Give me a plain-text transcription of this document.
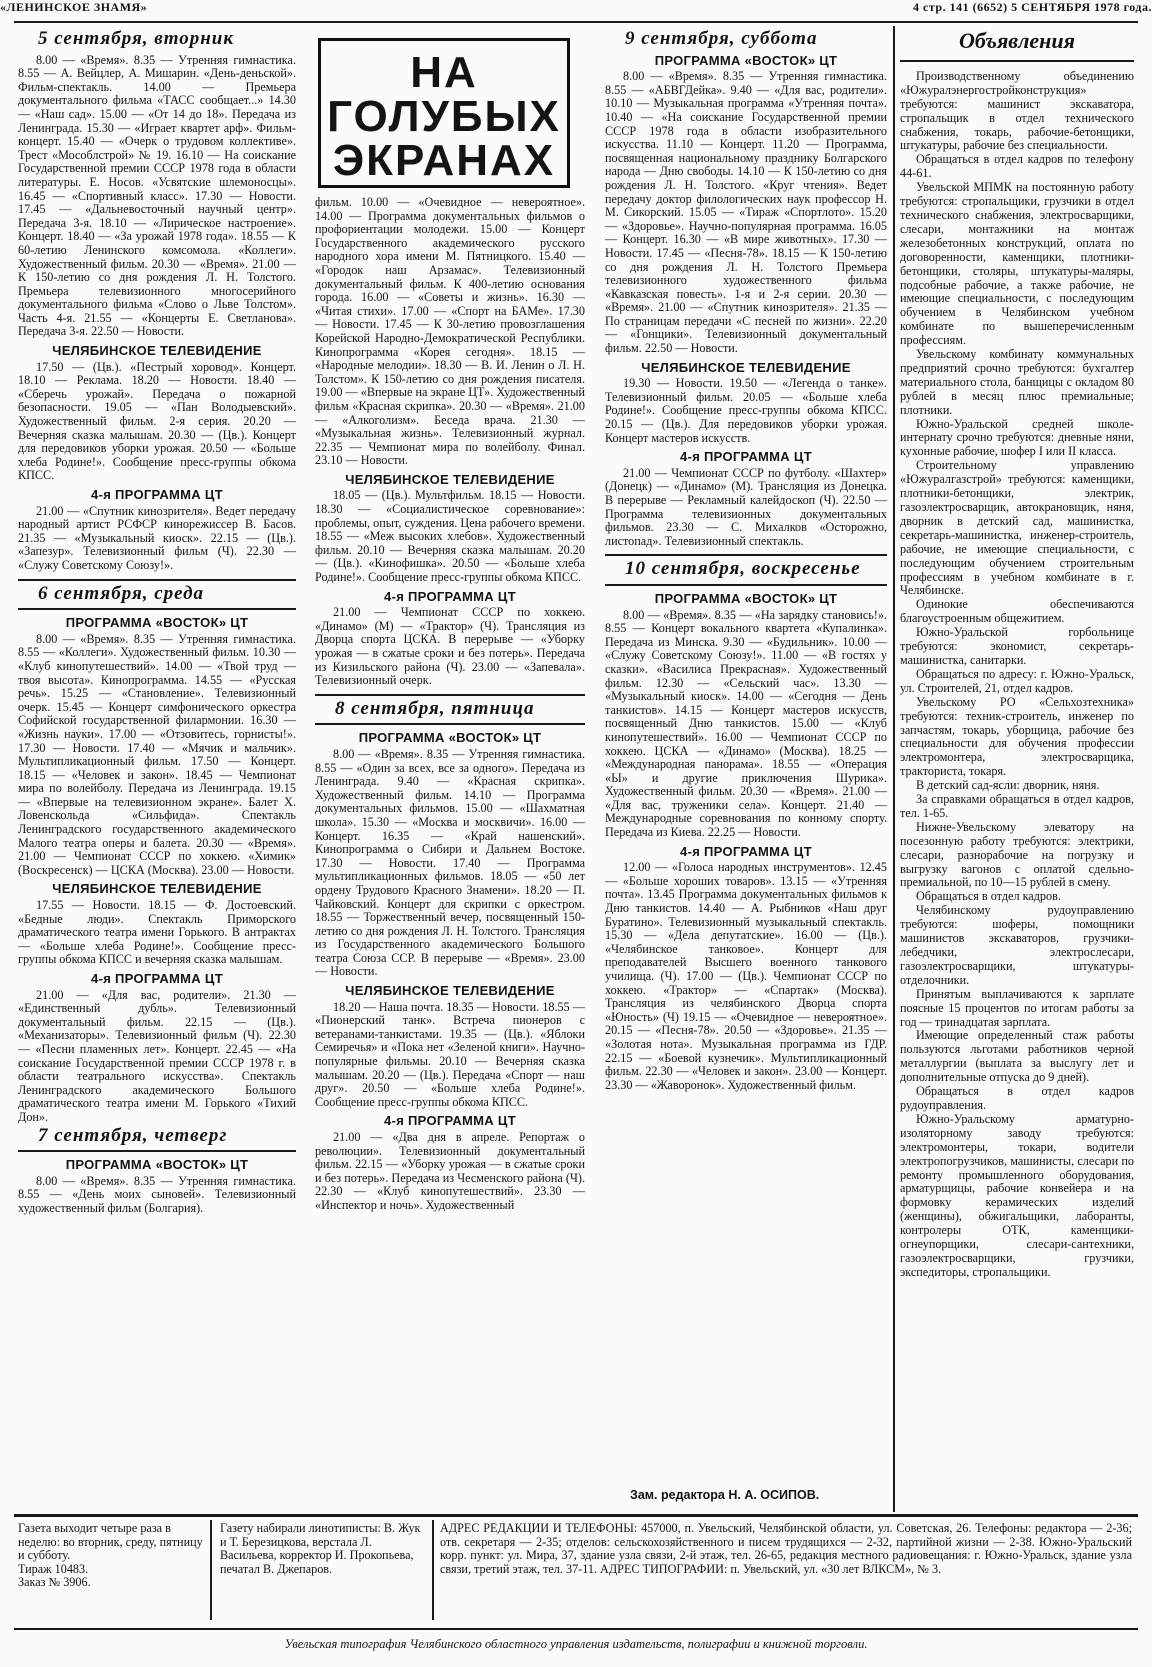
«ЛЕНИНСКОЕ ЗНАМЯ»	4 стр. 141 (6652) 5 СЕНТЯБРЯ 1978 года.
5 сентября, вторник

8.00 — «Время». 8.35 — Утренняя гимнастика. 8.55 — А. Вейцлер, А. Мишарин. «День-деньской». Фильм-спектакль. 14.00 — Премьера документального фильма «ТАСС сообщает...» 14.30 — «Наш сад». 15.00 — «От 14 до 18». Передача из Ленинграда. 15.30 — «Играет квартет арф». Фильм-концерт. 15.40 — «Очерк о трудовом коллективе». Трест «Мособлстрой» № 19. 16.10 — На соискание Государственной премии СССР 1978 года в области литературы. Е. Носов. «Усвятские шлемоносцы». 16.45 — «Спортивный класс». 17.30 — Новости. 17.45 — «Дальневосточный научный центр». Передача 3-я. 18.10 — «Лирическое настроение». Концерт. 18.40 — «За урожай 1978 года». 18.55 — К 60-летию Ленинского комсомола. «Коллеги». Художественный фильм. 20.30 — «Время». 21.00 — К 150-летию со дня рождения Л. Н. Толстого. Премьера телевизионного многосерийного документального фильма «Слово о Льве Толстом». Часть 4-я. 21.55 — «Концерты Е. Светланова». Передача 3-я. 22.50 — Новости.

ЧЕЛЯБИНСКОЕ ТЕЛЕВИДЕНИЕ

17.50 — (Цв.). «Пестрый хоровод». Концерт. 18.10 — Реклама. 18.20 — Новости. 18.40 — «Сберечь урожай». Передача о пожарной безопасности. 19.05 — «Пан Володыевский». Художественный фильм. 2-я серия. 20.20 — Вечерняя сказка малышам. 20.30 — (Цв.). Концерт для передовиков уборки урожая. 20.50 — «Больше хлеба Родине!». Сообщение пресс-группы обкома КПСС.

4-я ПРОГРАММА ЦТ

21.00 — «Спутник кинозрителя». Ведет передачу народный артист РСФСР кинорежиссер В. Басов. 21.35 — «Музыкальный киоск». 22.15 — (Цв.). «Запезур». Телевизионный фильм (Ч). 22.30 — «Служу Советскому Союзу!».

6 сентября, среда
ПРОГРАММА «ВОСТОК» ЦТ

8.00 — «Время». 8.35 — Утренняя гимнастика. 8.55 — «Коллеги». Художественный фильм. 10.30 — «Клуб кинопутешествий». 14.00 — «Твой труд — твоя высота». Кинопрограмма. 14.55 — «Русская речь». 15.25 — «Становление». Телевизионный очерк. 15.45 — Концерт симфонического оркестра Софийской государственной филармонии. 16.30 — «Жизнь науки». 17.00 — «Отзовитесь, горнисты!». 17.30 — Новости. 17.40 — «Мячик и мальчик». Мультипликационный фильм. 17.50 — Концерт. 18.15 — «Человек и закон». 18.45 — Чемпионат мира по волейболу. Передача из Ленинграда. 19.15 — «Впервые на телевизионном экране». Балет Х. Ловенскольда «Сильфида». Спектакль Ленинградского государственного академического Малого театра оперы и балета. 20.30 — «Время». 21.00 — Чемпионат СССР по хоккею. «Химик» (Воскресенск) — ЦСКА (Москва). 23.00 — Новости.

ЧЕЛЯБИНСКОЕ ТЕЛЕВИДЕНИЕ

17.55 — Новости. 18.15 — Ф. Достоевский. «Бедные люди». Спектакль Приморского драматического театра имени Горького. В антрактах — «Больше хлеба Родине!». Сообщение пресс-группы обкома КПСС и вечерняя сказка малышам.

4-я ПРОГРАММА ЦТ

21.00 — «Для вас, родители». 21.30 — «Единственный дубль». Телевизионный документальный фильм. 22.15 — (Цв.). «Механизаторы». Телевизионный фильм (Ч). 22.30 — «Песни пламенных лет». Концерт. 22.45 — «На соискание Государственной премии СССР 1978 г. в области театрального искусства». Спектакль Ленинградского академического Большого драматического театра имени М. Горького «Тихий Дон».

7 сентября, четверг
ПРОГРАММА «ВОСТОК» ЦТ

8.00 — «Время». 8.35 — Утренняя гимнастика. 8.55 — «День моих сыновей». Телевизионный художественный фильм (Болгария).

НА
ГОЛУБЫХ
ЭКРАНАХ

фильм. 10.00 — «Очевидное — невероятное». 14.00 — Программа документальных фильмов о профориентации молодежи. 15.00 — Концерт Государственного академического русского народного хора имени М. Пятницкого. 15.40 — «Городок наш Арзамас». Телевизионный документальный фильм. К 400-летию основания города. 16.00 — «Советы и жизнь». 16.30 — «Читая стихи». 17.00 — «Спорт на БАМе». 17.30 — Новости. 17.45 — К 30-летию провозглашения Корейской Народно-Демократической Республики. Кинопрограмма «Корея сегодня». 18.15 — «Народные мелодии». 18.30 — В. И. Ленин о Л. Н. Толстом». К 150-летию со дня рождения писателя. 19.00 — «Впервые на экране ЦТ». Художественный фильм «Красная скрипка». 20.30 — «Время». 21.00 — «Алкоголизм». Беседа врача. 21.30 — «Музыкальная жизнь». Телевизионный журнал. 22.35 — Чемпионат мира по волейболу. Финал. 23.10 — Новости.

ЧЕЛЯБИНСКОЕ ТЕЛЕВИДЕНИЕ

18.05 — (Цв.). Мультфильм. 18.15 — Новости. 18.30 — «Социалистическое соревнование»: проблемы, опыт, суждения. Цена рабочего времени. 18.55 — «Меж высоких хлебов». Художественный фильм. 20.10 — Вечерняя сказка малышам. 20.20 — (Цв.). «Кинофишка». 20.50 — «Больше хлеба Родине!». Сообщение пресс-группы обкома КПСС.

4-я ПРОГРАММА ЦТ

21.00 — Чемпионат СССР по хоккею. «Динамо» (М) — «Трактор» (Ч). Трансляция из Дворца спорта ЦСКА. В перерыве — «Уборку урожая — в сжатые сроки и без потерь». Передача из Кизильского района (Ч). 23.00 — «Запевала». Телевизионный очерк.

8 сентября, пятница
ПРОГРАММА «ВОСТОК» ЦТ

8.00 — «Время». 8.35 — Утренняя гимнастика. 8.55 — «Один за всех, все за одного». Передача из Ленинграда. 9.40 — «Красная скрипка». Художественный фильм. 14.10 — Программа документальных фильмов. 15.00 — «Шахматная школа». 15.30 — «Москва и москвичи». 16.00 — Концерт. 16.35 — «Край нашенский». Кинопрограмма о Сибири и Дальнем Востоке. 17.30 — Новости. 17.40 — Программа мультипликационных фильмов. 18.05 — «50 лет ордену Трудового Красного Знамени». 18.20 — П. Чайковский. Концерт для скрипки с оркестром. 18.55 — Торжественный вечер, посвященный 150-летию со дня рождения Л. Н. Толстого. Трансляция из Государственного академического Большого театра Союза ССР. В перерыве — «Время». 23.00 — Новости.

ЧЕЛЯБИНСКОЕ ТЕЛЕВИДЕНИЕ

18.20 — Наша почта. 18.35 — Новости. 18.55 — «Пионерский танк». Встреча пионеров с ветеранами-танкистами. 19.35 — (Цв.). «Яблоки Семиречья» и «Пока нет «Зеленой книги». Научно-популярные фильмы. 20.10 — Вечерняя сказка малышам. 20.20 — (Цв.). Передача «Спорт — наш друг». 20.50 — «Больше хлеба Родине!». Сообщение пресс-группы обкома КПСС.

4-я ПРОГРАММА ЦТ

21.00 — «Два дня в апреле. Репортаж о революции». Телевизионный документальный фильм. 22.15 — «Уборку урожая — в сжатые сроки и без потерь». Передача из Чесменского района (Ч). 22.30 — «Клуб кинопутешествий». 23.30 — «Инспектор и ночь». Художественный

9 сентября, суббота
ПРОГРАММА «ВОСТОК» ЦТ

8.00 — «Время». 8.35 — Утренняя гимнастика. 8.55 — «АБВГДейка». 9.40 — «Для вас, родители». 10.10 — Музыкальная программа «Утренняя почта». 10.40 — «На соискание Государственной премии СССР 1978 года в области изобразительного искусства. 11.10 — Концерт. 11.20 — Программа, посвященная национальному празднику Болгарского народа — Дню свободы. 14.10 — К 150-летию со дня рождения Л. Н. Толстого. «Круг чтения». Ведет передачу доктор филологических наук профессор Н. М. Сикорский. 15.05 — «Тираж «Спортлото». 15.20 — «Здоровье». Научно-популярная программа. 16.05 — Концерт. 16.30 — «В мире животных». 17.30 — Новости. 17.45 — «Песня-78». 18.15 — К 150-летию со дня рождения Л. Н. Толстого Премьера телевизионного художественного фильма «Кавказская повесть». 1-я и 2-я серии. 20.30 — «Время». 21.00 — «Спутник кинозрителя». 21.35 — По страницам передачи «С песней по жизни». 22.20 — «Гонщики». Телевизионный документальный фильм. 22.50 — Новости.

ЧЕЛЯБИНСКОЕ ТЕЛЕВИДЕНИЕ

19.30 — Новости. 19.50 — «Легенда о танке». Телевизионный фильм. 20.05 — «Больше хлеба Родине!». Сообщение пресс-группы обкома КПСС. 20.15 — (Цв.). Для передовиков уборки урожая. Концерт мастеров искусств.

4-я ПРОГРАММА ЦТ

21.00 — Чемпионат СССР по футболу. «Шахтер» (Донецк) — «Динамо» (М). Трансляция из Донецка. В перерыве — Рекламный калейдоскоп (Ч). 22.50 — Программа телевизионных документальных фильмов. 23.30 — С. Михалков «Осторожно, листопад». Телевизионный спектакль.

10 сентября, воскресенье
ПРОГРАММА «ВОСТОК» ЦТ

8.00 — «Время». 8.35 — «На зарядку становись!». 8.55 — Концерт вокального квартета «Купалинка». Передача из Минска. 9.30 — «Будильник». 10.00 — «Служу Советскому Союзу!». 11.00 — «В гостях у сказки». «Василиса Прекрасная». Художественный фильм. 12.30 — «Сельский час». 13.30 — «Музыкальный киоск». 14.00 — «Сегодня — День танкистов». 14.15 — Концерт мастеров искусств, посвященный Дню танкистов. 15.00 — «Клуб кинопутешествий». 16.00 — Чемпионат СССР по хоккею. ЦСКА — «Динамо» (Москва). 18.25 — «Международная панорама». 18.55 — «Операция «Ы» и другие приключения Шурика». Художественный фильм. 20.30 — «Время». 21.00 — «Для вас, труженики села». Концерт. 21.40 — Международные соревнования по конному спорту. Передача из Киева. 22.25 — Новости.

4-я ПРОГРАММА ЦТ

12.00 — «Голоса народных инструментов». 12.45 — «Больше хороших товаров». 13.15 — «Утренняя почта». 13.45 Программа документальных фильмов к Дню танкистов. 14.40 — А. Рыбников «Наш друг Буратино». Телевизионный музыкальный спектакль. 15.30 — «Дела депутатские». 16.00 — (Цв.). «Челябинское танковое». Концерт для преподавателей Высшего военного танкового училища. (Ч). 17.00 — (Цв.). Чемпионат СССР по хоккею. «Трактор» — «Спартак» (Москва). Трансляция из челябинского Дворца спорта «Юность» (Ч) 19.15 — «Очевидное — невероятное». 20.15 — «Песня-78». 20.50 — «Здоровье». 21.35 — «Золотая нота». Музыкальная программа из ГДР. 22.15 — «Боевой кузнечик». Мультипликационный фильм. 22.30 — «Человек и закон». 23.00 — Концерт. 23.30 — «Жаворонок». Художественный фильм.

Зам. редактора Н. А. ОСИПОВ.
Объявления

Производственному объединению «Южуралэнергостройконструкция» требуются: машинист экскаватора, стропальщик в отдел технического снабжения, токарь, рабочие-бетонщики, штукатуры, рабочие без специальности.

Обращаться в отдел кадров по телефону 44-61.

Увельской МПМК на постоянную работу требуются: стропальщики, грузчики в отдел технического снабжения, электросварщики, слесари, монтажники на монтаж железобетонных конструкций, оплата по договоренности, каменщики, плотники-бетонщики, столяры, штукатуры-маляры, подсобные рабочие, а также рабочие, не имеющие специальности, с последующим обучением в Челябинском учебном комбинате по вышеперечисленным профессиям.

Увельскому комбинату коммунальных предприятий срочно требуются: бухгалтер материального стола, банщицы с окладом 80 рублей в месяц плюс премиальные; плотники.

Южно-Уральской средней школе-интернату срочно требуются: дневные няни, кухонные рабочие, шофер I или II класса.

Строительному управлению «Южуралгазстрой» требуются: каменщики, плотники-бетонщики, электрик, газоэлектросварщик, автокрановщик, няня, дворник в детский сад, машинистка, секретарь-машинистка, инженер-строитель, рабочие, не имеющие специальности, с последующим обучением строительным профессиям в учебном комбинате в г. Челябинске.

Одинокие обеспечиваются благоустроенным общежитием.

Южно-Уральской горбольнице требуются: экономист, секретарь-машинистка, санитарки.

Обращаться по адресу: г. Южно-Уральск, ул. Строителей, 21, отдел кадров.

Увельскому РО «Сельхозтехника» требуются: техник-строитель, инженер по запчастям, токарь, уборщица, рабочие без специальности для обучения профессии электромонтера, электросварщика, тракториста, токаря.

В детский сад-ясли: дворник, няня.

За справками обращаться в отдел кадров, тел. 1-65.

Нижне-Увельскому элеватору на посезонную работу требуются: электрики, слесари, разнорабочие на погрузку и выгрузку вагонов с оплатой сдельно-премиальной, по 10—15 рублей в смену.

Обращаться в отдел кадров.

Челябинскому рудоуправлению требуются: шоферы, помощники машинистов экскаваторов, грузчики-лебедчики, электрослесари, газоэлектросварщики, штукатуры-отделочники.

Принятым выплачиваются к зарплате поясные 15 процентов по итогам работы за год — тринадцатая зарплата.

Имеющие определенный стаж работы пользуются льготами работников черной металлургии (выплата за выслугу лет и дополнительные отпуска до 9 дней).

Обращаться в отдел кадров рудоуправления.

Южно-Уральскому арматурно-изоляторному заводу требуются: электромонтеры, токари, водители электропогрузчиков, машинисты, слесари по ремонту промышленного оборудования, арматурщицы, рабочие конвейера и на формовку керамических изделий (женщины), обжигальщики, лаборанты, контролеры ОТК, каменщики-огнеупорщики, слесари-сантехники, газоэлектросварщики, грузчики, экспедиторы, стропальщики.

Газета выходит четыре раза в неделю: во вторник, среду, пятницу и субботу.
Тираж 10483.
Заказ № 3906.
Газету набирали линотиписты: В. Жук и Т. Березицкова, верстала Л. Васильева, корректор И. Прокопьева, печатал В. Джепаров.
АДРЕС РЕДАКЦИИ И ТЕЛЕФОНЫ: 457000, п. Увельский, Челябинской области, ул. Советская, 26. Телефоны: редактора — 2-36; отв. секретаря — 2-35; отделов: сельскохозяйственного и писем трудящихся — 2-32, партийной жизни — 2-38. Южно-Уральский корр. пункт: ул. Мира, 37, здание узла связи, 2-й этаж, тел. 26-65, редакция местного радиовещания: г. Южно-Уральск, здание узла связи, третий этаж, тел. 37-11. АДРЕС ТИПОГРАФИИ: п. Увельский, ул. «30 лет ВЛКСМ», № 3.
Увельская типография Челябинского областного управления издательств, полиграфии и книжной торговли.
